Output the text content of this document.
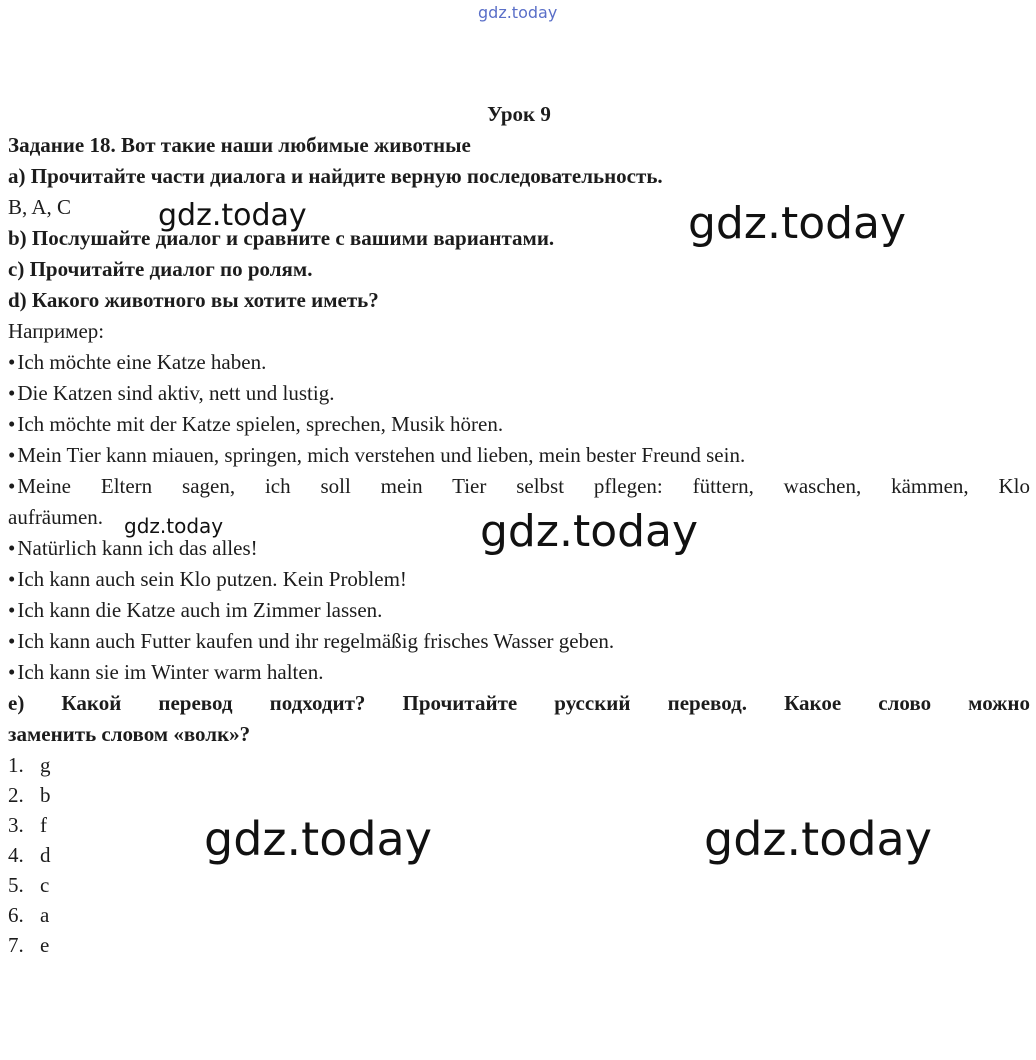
gdz.today
gdz.today	gdz.today
gdz.today	gdz.today
gdz.today	gdz.today
Урок 9
Задание 18. Вот такие наши любимые животные
а) Прочитайте части диалога и найдите верную последовательность.
B, A, C
b) Послушайте диалог и сравните с вашими вариантами.
c) Прочитайте диалог по ролям.
d) Какого животного вы хотите иметь?
Например:
• Ich möchte eine Katze haben.
• Die Katzen sind aktiv, nett und lustig.
• Ich möchte mit der Katze spielen, sprechen, Musik hören.
• Mein Tier kann miauen, springen, mich verstehen und lieben, mein bester Freund sein.
• Meine Eltern sagen, ich soll mein Tier selbst pflegen: füttern, waschen, kämmen, Klo
aufräumen.
• Natürlich kann ich das alles!
• Ich kann auch sein Klo putzen. Kein Problem!
• Ich kann die Katze auch im Zimmer lassen.
• Ich kann auch Futter kaufen und ihr regelmäßig frisches Wasser geben.
• Ich kann sie im Winter warm halten.
е) Какой перевод подходит? Прочитайте русский перевод. Какое слово можно
заменить словом «волк»?
1. g
2. b
3. f
4. d
5. c
6. a
7. e
